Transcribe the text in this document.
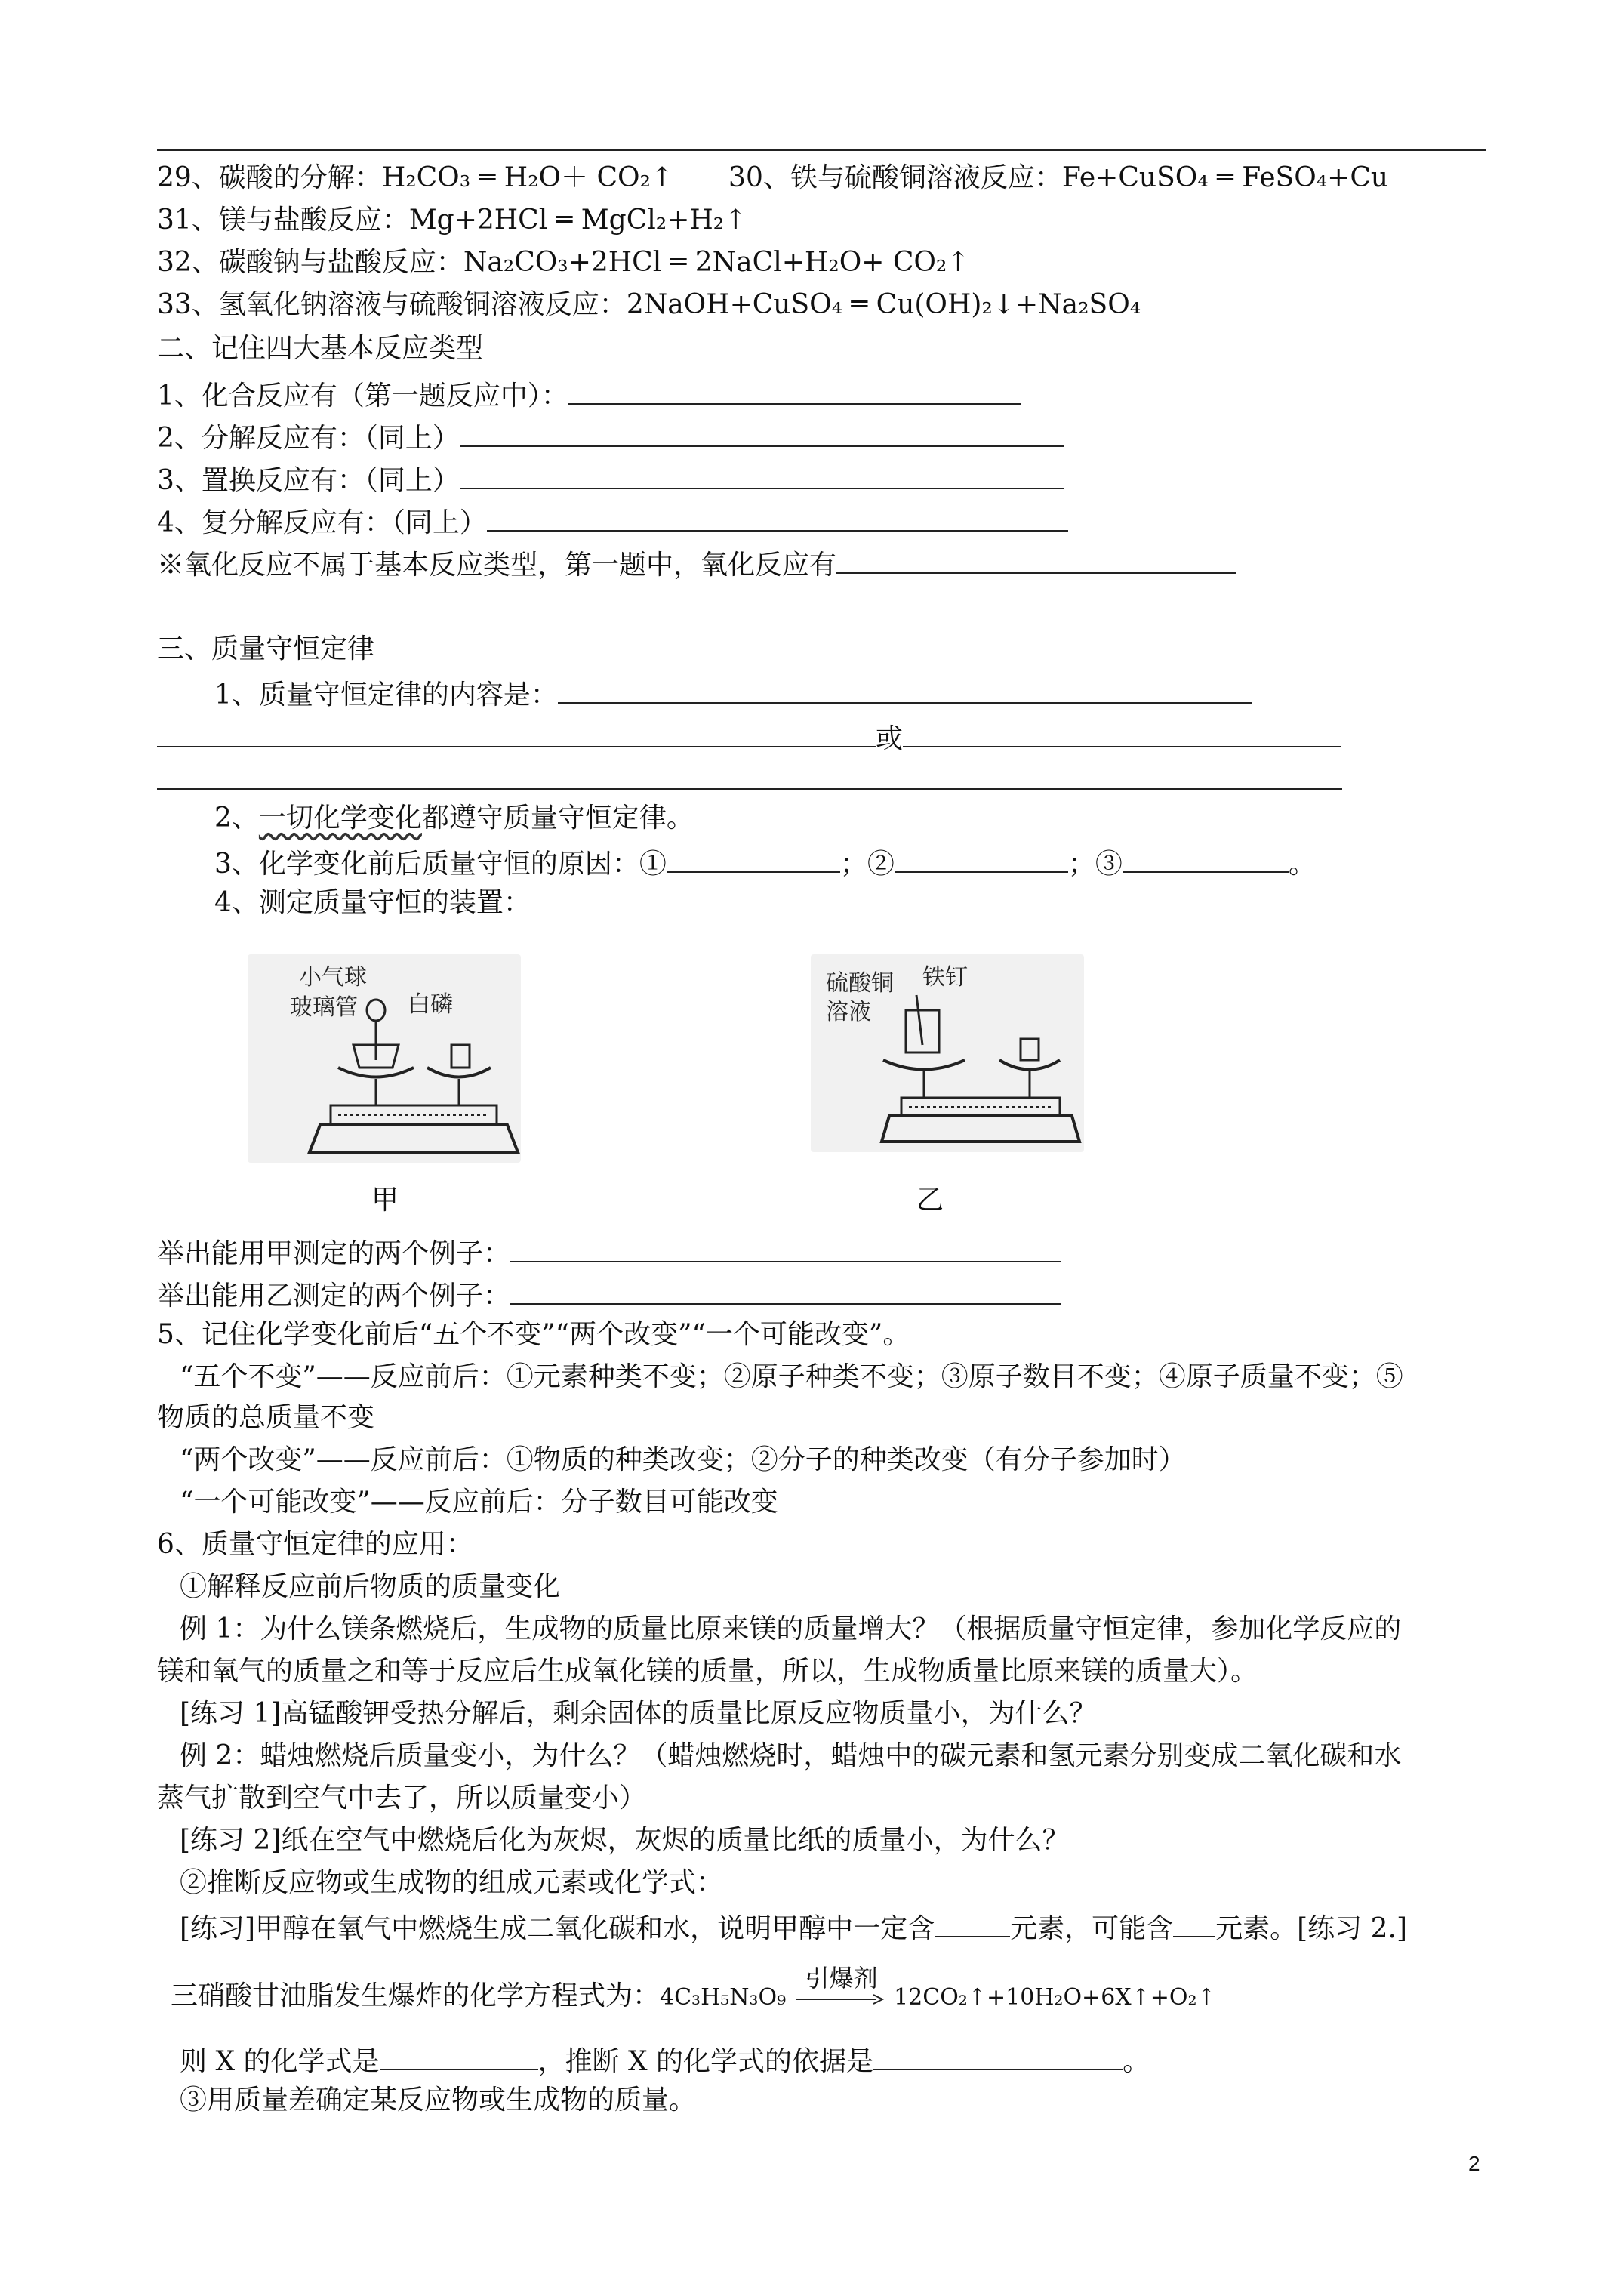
29、碳酸的分解：H₂CO₃ ═ H₂O＋ CO₂↑ 30、铁与硫酸铜溶液反应：Fe+CuSO₄ ═ FeSO₄+Cu
31、镁与盐酸反应：Mg+2HCl ═ MgCl₂+H₂↑
32、碳酸钠与盐酸反应：Na₂CO₃+2HCl ═ 2NaCl+H₂O+ CO₂↑
33、氢氧化钠溶液与硫酸铜溶液反应：2NaOH+CuSO₄ ═ Cu(OH)₂↓+Na₂SO₄
二、记住四大基本反应类型
1、化合反应有（第一题反应中）：
2、分解反应有：（同上）
3、置换反应有：（同上）
4、复分解反应有：（同上）
※氧化反应不属于基本反应类型，第一题中，氧化反应有
三、质量守恒定律
1、质量守恒定律的内容是：
或
2、一切化学变化都遵守质量守恒定律。
3、化学变化前后质量守恒的原因：①	；②	；③	。
4、测定质量守恒的装置：
小气球
玻璃管 白磷
甲
硫酸铜
溶液
铁钉
乙
举出能用甲测定的两个例子：
举出能用乙测定的两个例子：
5、记住化学变化前后“五个不变”“两个改变”“一个可能改变”。
“五个不变”——反应前后：①元素种类不变；②原子种类不变；③原子数目不变；④原子质量不变；⑤
物质的总质量不变
“两个改变”——反应前后：①物质的种类改变；②分子的种类改变（有分子参加时）
“一个可能改变”——反应前后：分子数目可能改变
6、质量守恒定律的应用：
①解释反应前后物质的质量变化
例 1：为什么镁条燃烧后，生成物的质量比原来镁的质量增大？（根据质量守恒定律，参加化学反应的
镁和氧气的质量之和等于反应后生成氧化镁的质量，所以，生成物质量比原来镁的质量大）。
[练习 1]高锰酸钾受热分解后，剩余固体的质量比原反应物质量小，为什么？
例 2：蜡烛燃烧后质量变小，为什么？（蜡烛燃烧时，蜡烛中的碳元素和氢元素分别变成二氧化碳和水
蒸气扩散到空气中去了，所以质量变小）
[练习 2]纸在空气中燃烧后化为灰烬，灰烬的质量比纸的质量小，为什么？
②推断反应物或生成物的组成元素或化学式：
[练习]甲醇在氧气中燃烧生成二氧化碳和水，说明甲醇中一定含	元素，可能含 元素。[练习 2.]
三硝酸甘油脂发生爆炸的化学方程式为：4C₃H₅N₃O₉
引爆剂
12CO₂↑+10H₂O+6X↑+O₂↑
则 X 的化学式是	，推断 X 的化学式的依据是	。
③用质量差确定某反应物或生成物的质量。
2
